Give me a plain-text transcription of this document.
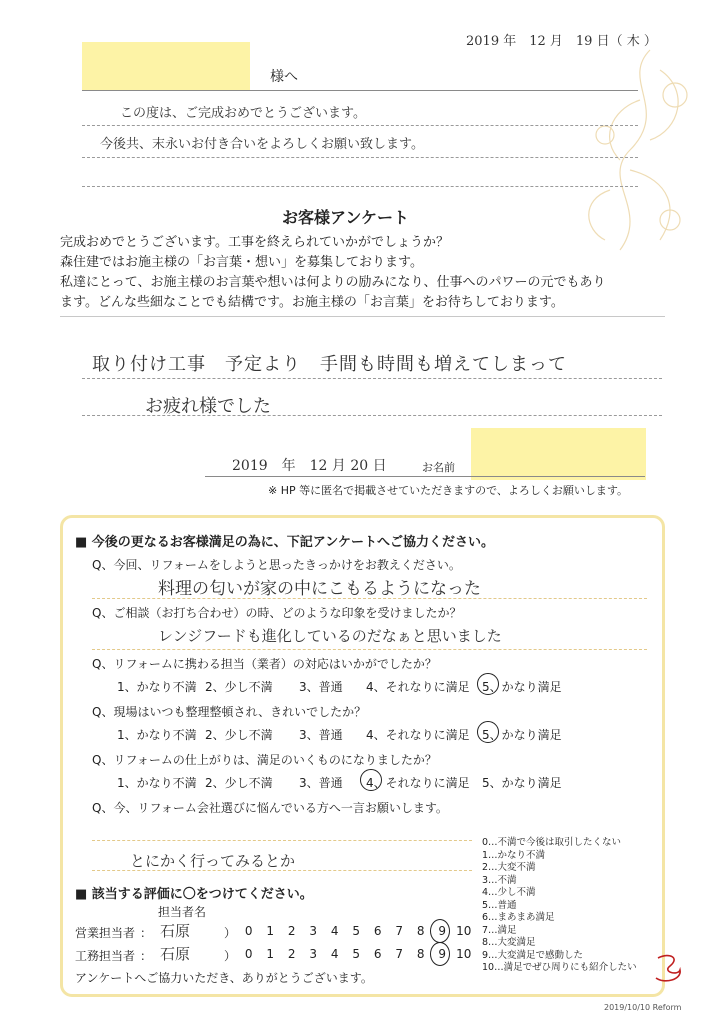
2019 年　12 月　19 日（ 木 ）
様へ
この度は、ご完成おめでとうございます。
今後共、末永いお付き合いをよろしくお願い致します。
お客様アンケート
完成おめでとうございます。工事を終えられていかがでしょうか？
森住建ではお施主様の「お言葉・想い」を募集しております。
私達にとって、お施主様のお言葉や想いは何よりの励みになり、仕事へのパワーの元でもあり
ます。どんな些細なことでも結構です。お施主様の「お言葉」をお待ちしております。
取り付け工事　予定より　手間も時間も増えてしまって
お疲れ様でした
2019　年　12 月 20 日	お名前
※ HP 等に匿名で掲載させていただきますので、よろしくお願いします。
■ 今後の更なるお客様満足の為に、下記アンケートへご協力ください。
Q、今回、リフォームをしようと思ったきっかけをお教えください。
料理の匂いが家の中にこもるようになった
Q、ご相談（お打ち合わせ）の時、どのような印象を受けましたか？
レンジフードも進化しているのだなぁと思いました
Q、リフォームに携わる担当（業者）の対応はいかがでしたか？
1、かなり不満 2、少し不満 3、普通 4、それなりに満足 5、かなり満足
Q、現場はいつも整理整頓され、きれいでしたか？
1、かなり不満 2、少し不満 3、普通 4、それなりに満足 5、かなり満足
Q、リフォームの仕上がりは、満足のいくものになりましたか？
1、かなり不満 2、少し不満 3、普通 4、それなりに満足 5、かなり満足
Q、今、リフォーム会社選びに悩んでいる方へ一言お願いします。
とにかく行ってみるとか
0…不満で今後は取引したくない
1…かなり不満
2…大変不満
3…不満
4…少し不満
5…普通
6…まあまあ満足
7…満足
8…大変満足
9…大変満足で感動した
10…満足でぜひ周りにも紹介したい
■ 該当する評価に〇をつけてください。
担当者名
営業担当者 ： 石原	） 0 1 2 3 4 5 6 7 8 9 10
工務担当者 ： 石原	） 0 1 2 3 4 5 6 7 8 9 10
アンケートへご協力いただき、ありがとうございます。
2019/10/10 Reform
